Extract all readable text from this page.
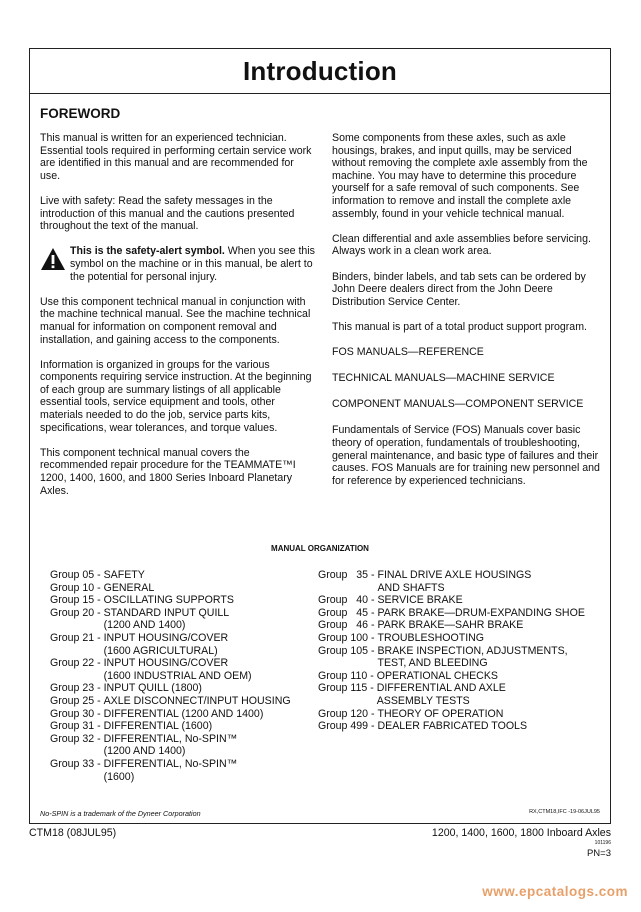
Introduction
FOREWORD

This manual is written for an experienced technician. Essential tools required in performing certain service work are identified in this manual and are recommended for use.

Live with safety: Read the safety messages in the introduction of this manual and the cautions presented throughout the text of the manual.

This is the safety-alert symbol. When you see this symbol on the machine or in this manual, be alert to the potential for personal injury.

Use this component technical manual in conjunction with the machine technical manual. See the machine technical manual for information on component removal and installation, and gaining access to the components.

Information is organized in groups for the various components requiring service instruction. At the beginning of each group are summary listings of all applicable essential tools, service equipment and tools, other materials needed to do the job, service parts kits, specifications, wear tolerances, and torque values.

This component technical manual covers the recommended repair procedure for the TEAMMATE™I 1200, 1400, 1600, and 1800 Series Inboard Planetary Axles.

Some components from these axles, such as axle housings, brakes, and input quills, may be serviced without removing the complete axle assembly from the machine. You may have to determine this procedure yourself for a safe removal of such components. See information to remove and install the complete axle assembly, found in your vehicle technical manual.

Clean differential and axle assemblies before servicing. Always work in a clean work area.

Binders, binder labels, and tab sets can be ordered by John Deere dealers direct from the John Deere Distribution Service Center.

This manual is part of a total product support program.

FOS MANUALS—REFERENCE

TECHNICAL MANUALS—MACHINE SERVICE

COMPONENT MANUALS—COMPONENT SERVICE

Fundamentals of Service (FOS) Manuals cover basic theory of operation, fundamentals of troubleshooting, general maintenance, and basic type of failures and their causes. FOS Manuals are for training new personnel and for reference by experienced technicians.

MANUAL ORGANIZATION
Group 05 - SAFETY
Group 10 - GENERAL
Group 15 - OSCILLATING SUPPORTS
Group 20 - STANDARD INPUT QUILL
(1200 AND 1400)
Group 21 - INPUT HOUSING/COVER
(1600 AGRICULTURAL)
Group 22 - INPUT HOUSING/COVER
(1600 INDUSTRIAL AND OEM)
Group 23 - INPUT QUILL (1800)
Group 25 - AXLE DISCONNECT/INPUT HOUSING
Group 30 - DIFFERENTIAL (1200 AND 1400)
Group 31 - DIFFERENTIAL (1600)
Group 32 - DIFFERENTIAL, No-SPIN™
(1200 AND 1400)
Group 33 - DIFFERENTIAL, No-SPIN™
(1600)
Group   35 - FINAL DRIVE AXLE HOUSINGS
AND SHAFTS
Group   40 - SERVICE BRAKE
Group   45 - PARK BRAKE—DRUM-EXPANDING SHOE
Group   46 - PARK BRAKE—SAHR BRAKE
Group 100 - TROUBLESHOOTING
Group 105 - BRAKE INSPECTION, ADJUSTMENTS,
TEST, AND BLEEDING
Group 110 - OPERATIONAL CHECKS
Group 115 - DIFFERENTIAL AND AXLE
ASSEMBLY TESTS
Group 120 - THEORY OF OPERATION
Group 499 - DEALER FABRICATED TOOLS
No-SPIN is a trademark of the Dyneer Corporation	RX,CTM18,IFC -19-06JUL95
CTM18 (08JUL95)	1200, 1400, 1600, 1800 Inboard Axles
101196
PN=3
www.epcatalogs.com
